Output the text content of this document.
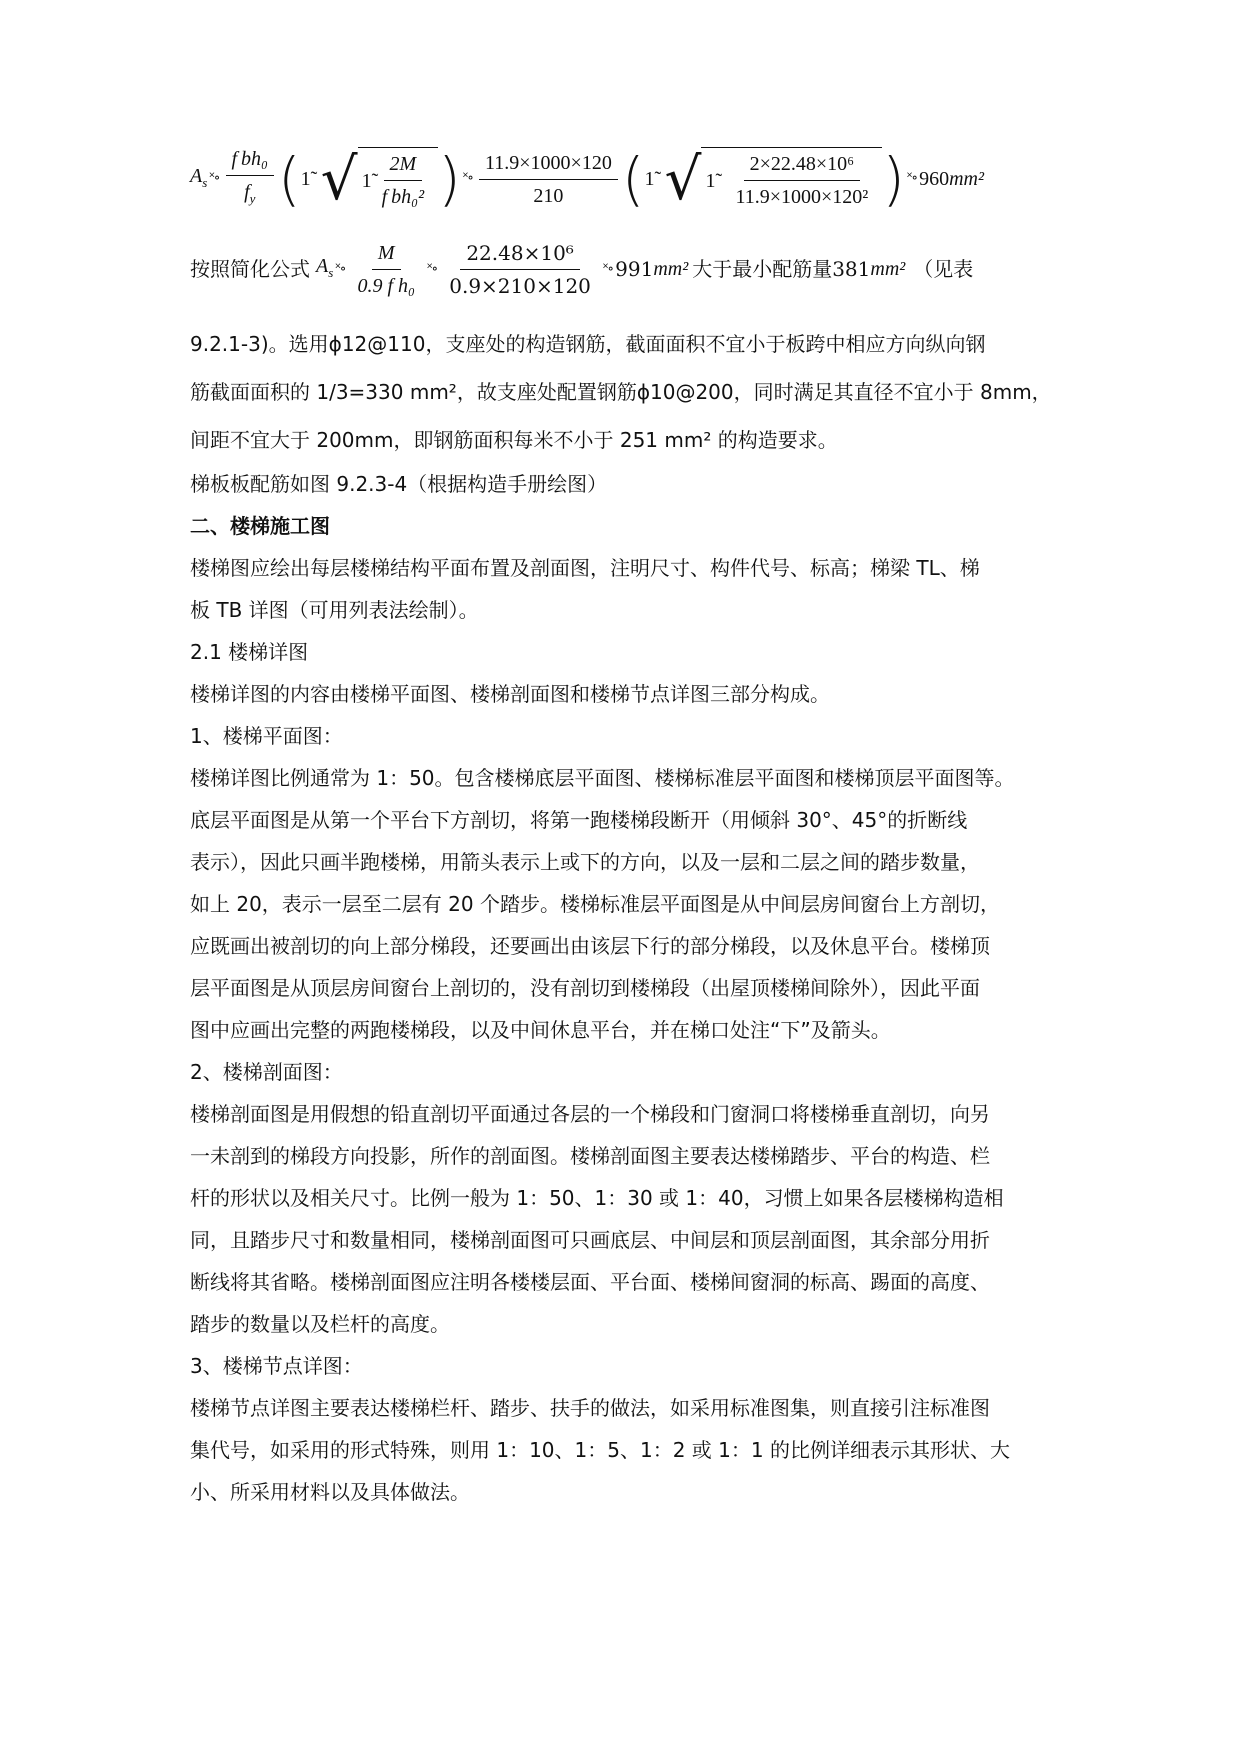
$A_s$ ˟∘ $\frac{\text{f bh₀}}{f_y}$ ( 1̃ √ 1̃ $\frac{2M}{\text{f bh₀²}}$ ) ˟∘ $\frac{11.9\times 1000\times 120}{210}$ ( 1̃ √ 1̃ $\frac{\text{2×22.48×10⁶}}{\text{11.9×1000×120²}}$ ) ˟∘ 960 mm²
按照简化公式 $A_s$ ˟∘ $\frac{M}{\text{0.9 f h₀}}$ ˟∘ $\frac{\text{22.48×10⁶}}{0.9\times 210\times 120}$ ˟∘ 991 mm² 大于最小配筋量 381 mm² （见表
9.2.1-3)。选用ϕ12@110，支座处的构造钢筋，截面面积不宜小于板跨中相应方向纵向钢
筋截面面积的 1/3=330 mm²，故支座处配置钢筋ϕ10@200，同时满足其直径不宜小于 8mm，
间距不宜大于 200mm，即钢筋面积每米不小于 251 mm² 的构造要求。
梯板板配筋如图 9.2.3-4（根据构造手册绘图）
二、楼梯施工图
楼梯图应绘出每层楼梯结构平面布置及剖面图，注明尺寸、构件代号、标高；梯梁 TL、梯
板 TB 详图（可用列表法绘制）。
2.1 楼梯详图
楼梯详图的内容由楼梯平面图、楼梯剖面图和楼梯节点详图三部分构成。
1、楼梯平面图：
楼梯详图比例通常为 1：50。包含楼梯底层平面图、楼梯标准层平面图和楼梯顶层平面图等。
底层平面图是从第一个平台下方剖切，将第一跑楼梯段断开（用倾斜 30°、45°的折断线
表示），因此只画半跑楼梯，用箭头表示上或下的方向，以及一层和二层之间的踏步数量，
如上 20，表示一层至二层有 20 个踏步。楼梯标准层平面图是从中间层房间窗台上方剖切，
应既画出被剖切的向上部分梯段，还要画出由该层下行的部分梯段，以及休息平台。楼梯顶
层平面图是从顶层房间窗台上剖切的，没有剖切到楼梯段（出屋顶楼梯间除外），因此平面
图中应画出完整的两跑楼梯段，以及中间休息平台，并在梯口处注“下”及箭头。
2、楼梯剖面图：
楼梯剖面图是用假想的铅直剖切平面通过各层的一个梯段和门窗洞口将楼梯垂直剖切，向另
一未剖到的梯段方向投影，所作的剖面图。楼梯剖面图主要表达楼梯踏步、平台的构造、栏
杆的形状以及相关尺寸。比例一般为 1：50、1：30 或 1：40，习惯上如果各层楼梯构造相
同，且踏步尺寸和数量相同，楼梯剖面图可只画底层、中间层和顶层剖面图，其余部分用折
断线将其省略。楼梯剖面图应注明各楼楼层面、平台面、楼梯间窗洞的标高、踢面的高度、
踏步的数量以及栏杆的高度。
3、楼梯节点详图：
楼梯节点详图主要表达楼梯栏杆、踏步、扶手的做法，如采用标准图集，则直接引注标准图
集代号，如采用的形式特殊，则用 1：10、1：5、1：2 或 1：1 的比例详细表示其形状、大
小、所采用材料以及具体做法。
